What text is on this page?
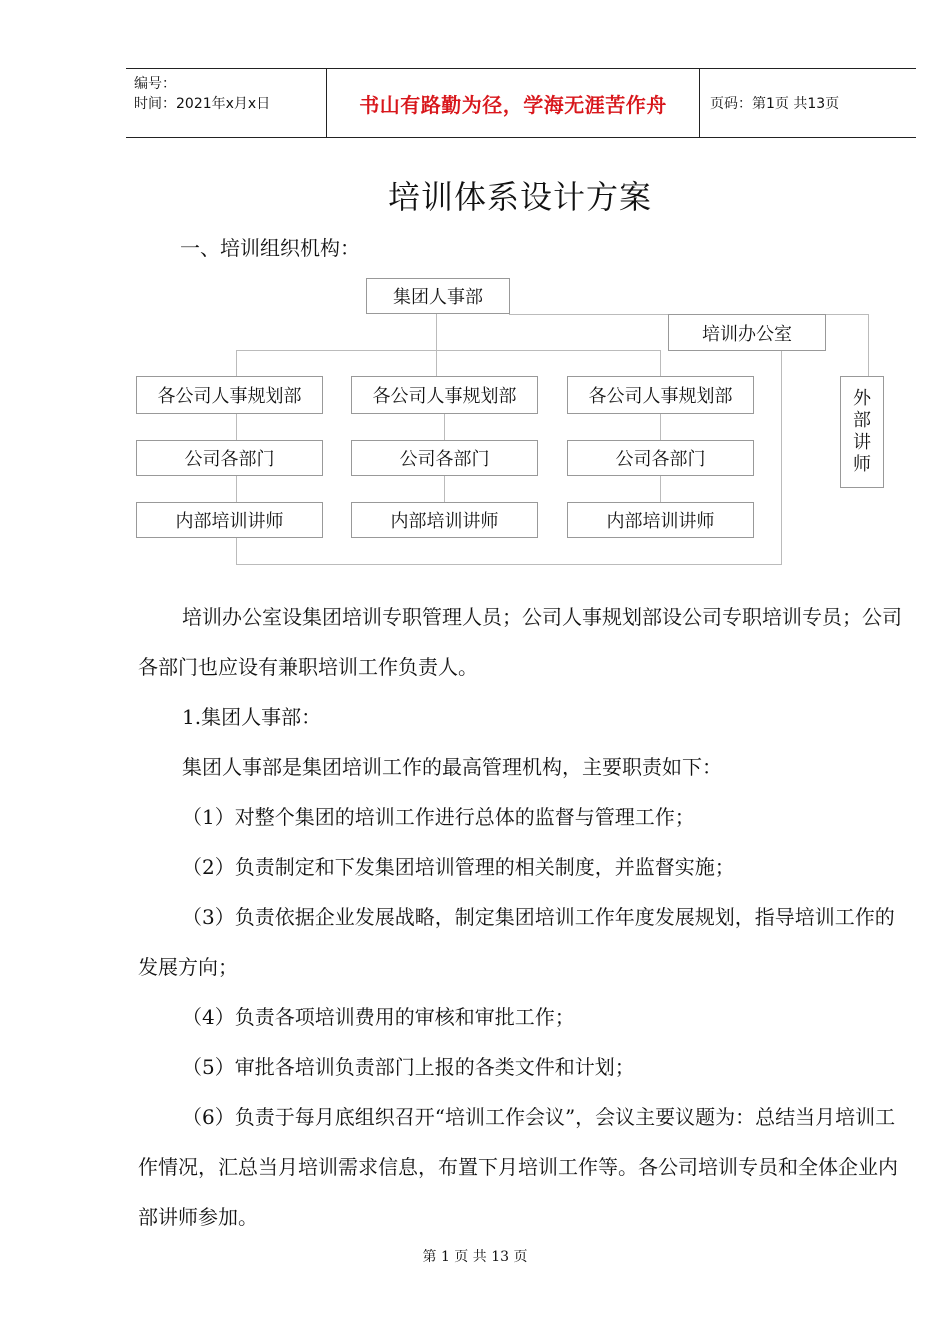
编号：
时间：2021年x月x日	书山有路勤为径，学海无涯苦作舟	页码：第1页 共13页
培训体系设计方案
一、培训组织机构：
集团人事部
培训办公室
外
部
讲
师
各公司人事规划部	各公司人事规划部	各公司人事规划部
公司各部门	公司各部门	公司各部门
内部培训讲师	内部培训讲师	内部培训讲师

培训办公室设集团培训专职管理人员；公司人事规划部设公司专职培训专员；公司各部门也应设有兼职培训工作负责人。

1.集团人事部：

集团人事部是集团培训工作的最高管理机构，主要职责如下：

（1）对整个集团的培训工作进行总体的监督与管理工作；

（2）负责制定和下发集团培训管理的相关制度，并监督实施；

（3）负责依据企业发展战略，制定集团培训工作年度发展规划，指导培训工作的发展方向；

（4）负责各项培训费用的审核和审批工作；

（5）审批各培训负责部门上报的各类文件和计划；

（6）负责于每月底组织召开“培训工作会议”，会议主要议题为：总结当月培训工作情况，汇总当月培训需求信息，布置下月培训工作等。各公司培训专员和全体企业内部讲师参加。

第 1 页 共 13 页
